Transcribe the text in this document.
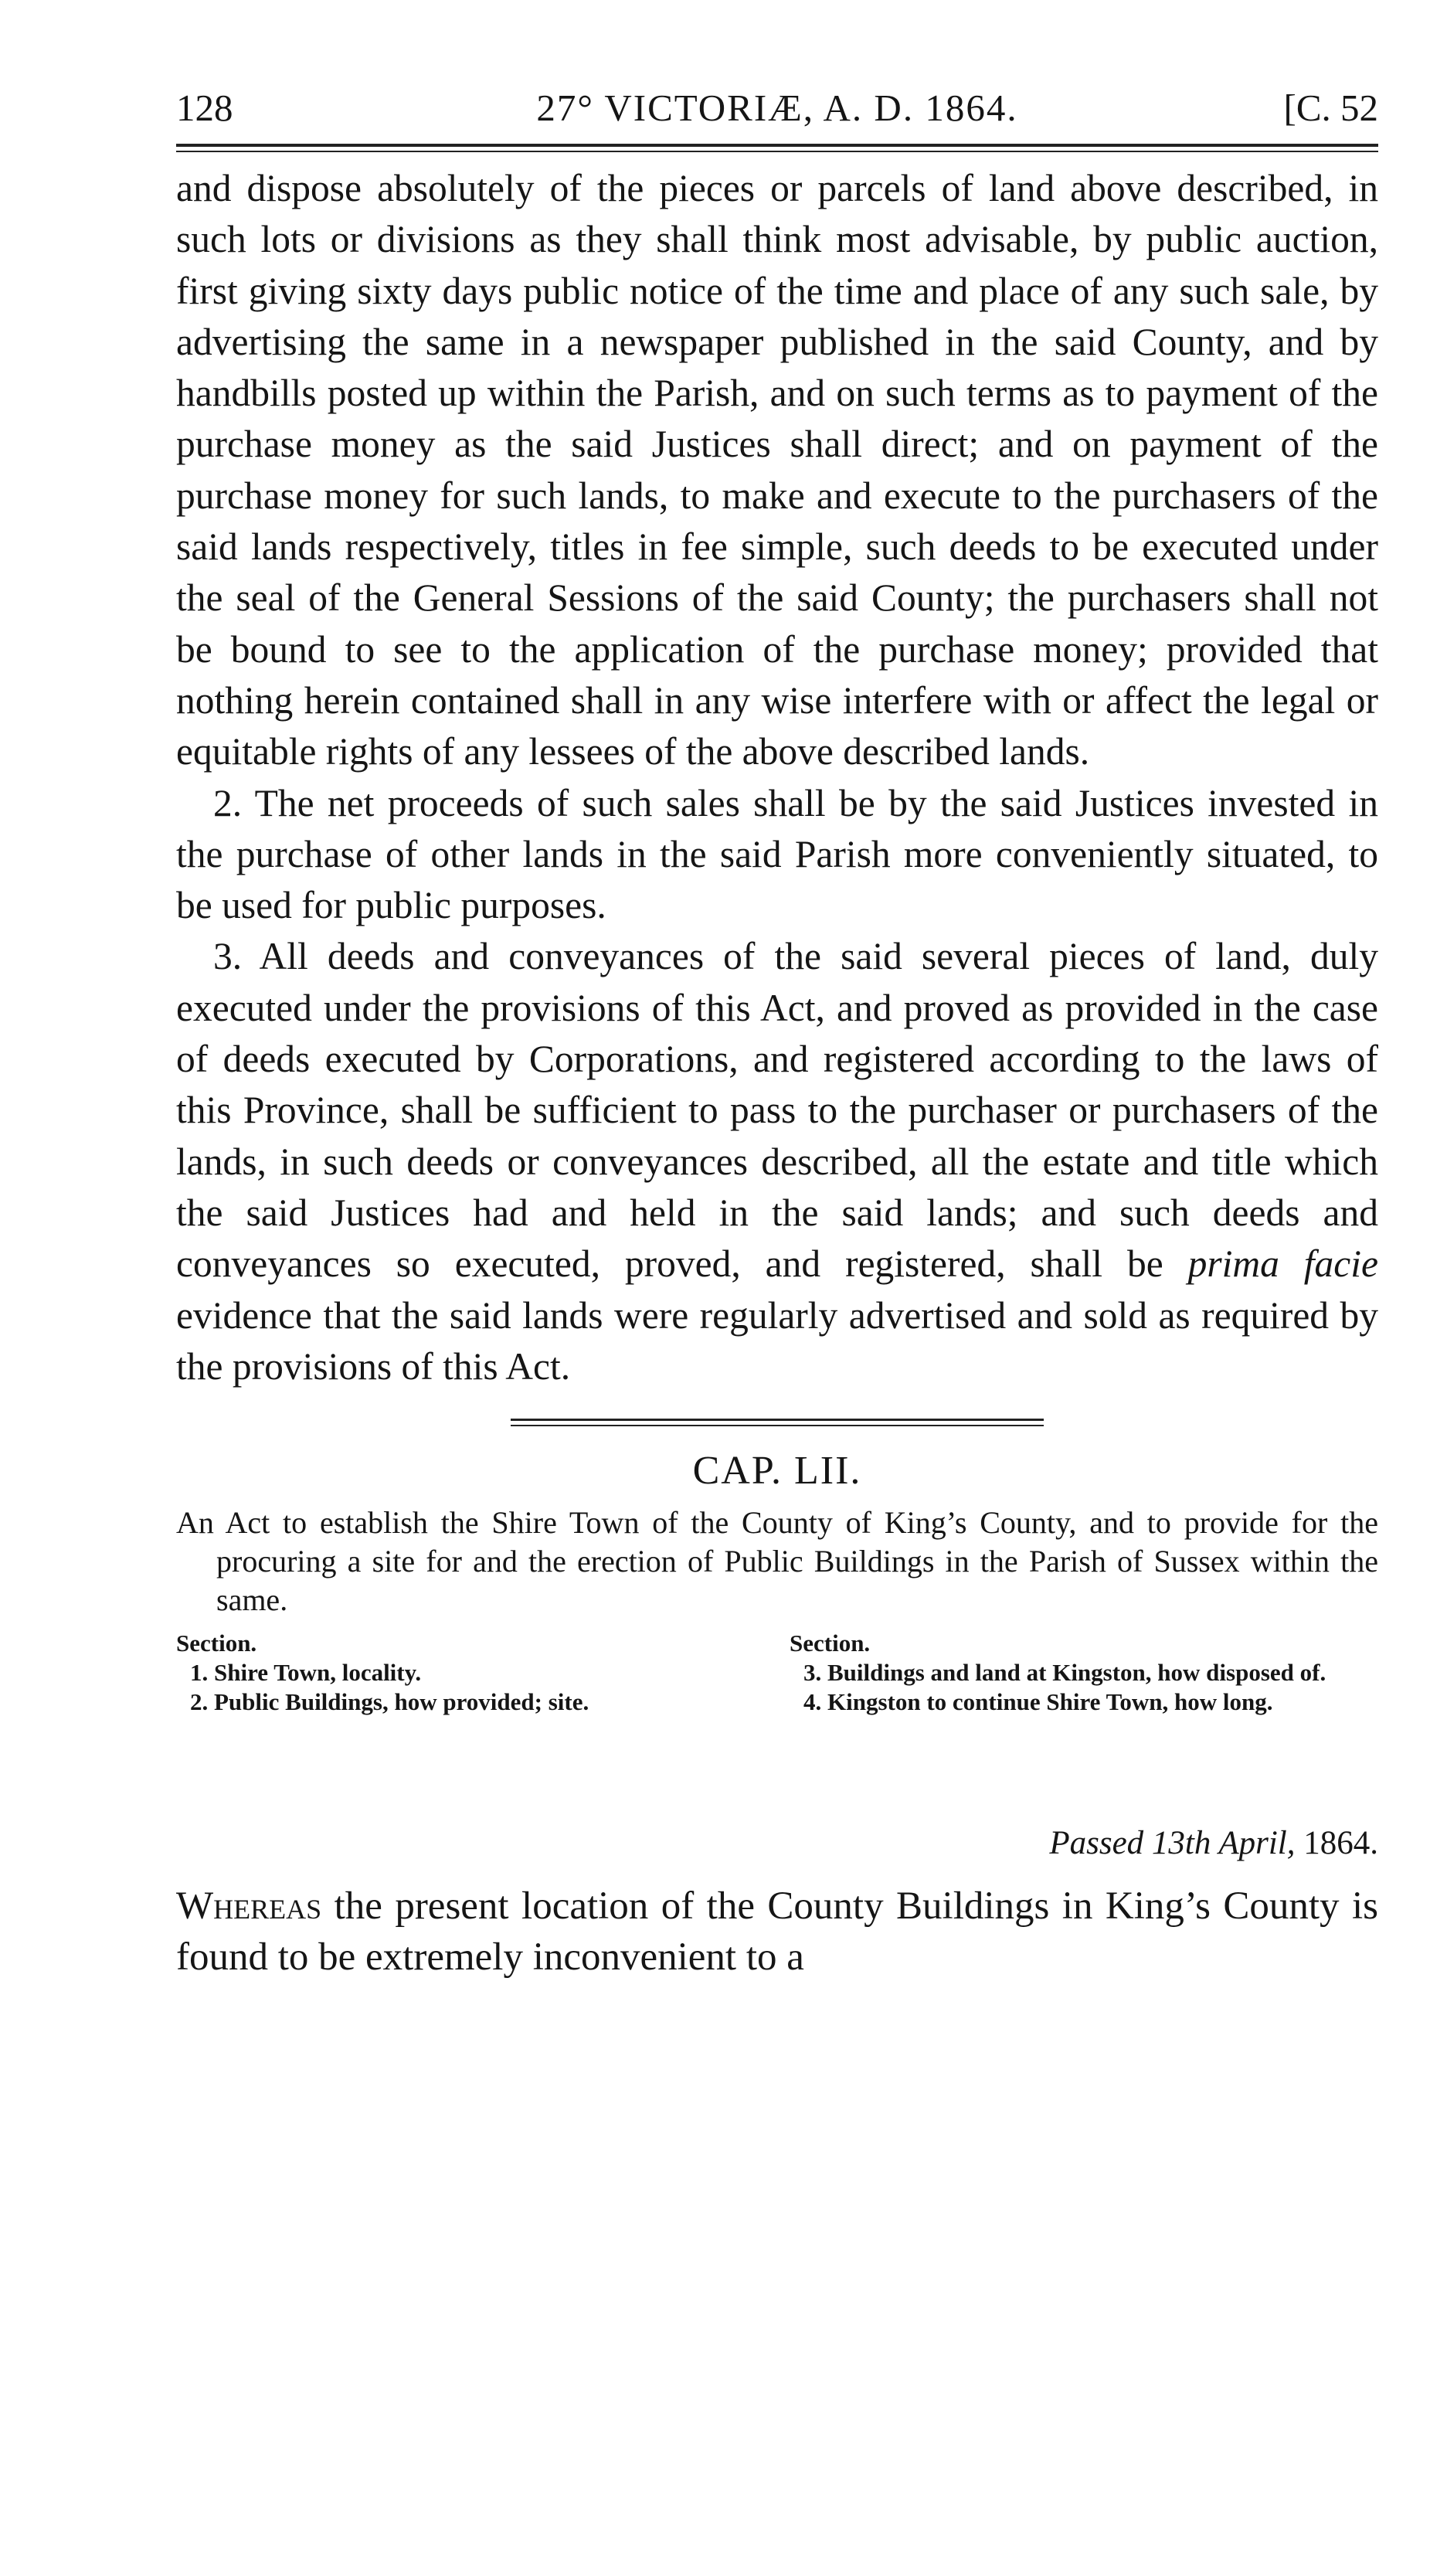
128	27° VICTORIÆ, A. D. 1864.	[C. 52

and dispose absolutely of the pieces or parcels of land above described, in such lots or divisions as they shall think most advisable, by public auction, first giving sixty days public notice of the time and place of any such sale, by advertising the same in a newspaper published in the said County, and by handbills posted up within the Parish, and on such terms as to payment of the purchase money as the said Justices shall direct; and on payment of the purchase money for such lands, to make and execute to the purchasers of the said lands respectively, titles in fee simple, such deeds to be executed under the seal of the General Sessions of the said County; the purchasers shall not be bound to see to the application of the purchase money; provided that nothing herein contained shall in any wise interfere with or affect the legal or equitable rights of any lessees of the above described lands.

2. The net proceeds of such sales shall be by the said Justices invested in the purchase of other lands in the said Parish more conveniently situated, to be used for public purposes.

3. All deeds and conveyances of the said several pieces of land, duly executed under the provisions of this Act, and proved as provided in the case of deeds executed by Corporations, and registered according to the laws of this Province, shall be sufficient to pass to the purchaser or purchasers of the lands, in such deeds or conveyances described, all the estate and title which the said Justices had and held in the said lands; and such deeds and conveyances so executed, proved, and registered, shall be prima facie evidence that the said lands were regularly advertised and sold as required by the provisions of this Act.

CAP. LII.
An Act to establish the Shire Town of the County of King’s County, and to provide for the procuring a site for and the erection of Public Buildings in the Parish of Sussex within the same.
Section.
1. Shire Town, locality.
2. Public Buildings, how provided; site.
Section.
3. Buildings and land at Kingston, how disposed of.
4. Kingston to continue Shire Town, how long.
Passed 13th April, 1864.
Whereas the present location of the County Buildings in King’s County is found to be extremely inconvenient to a
